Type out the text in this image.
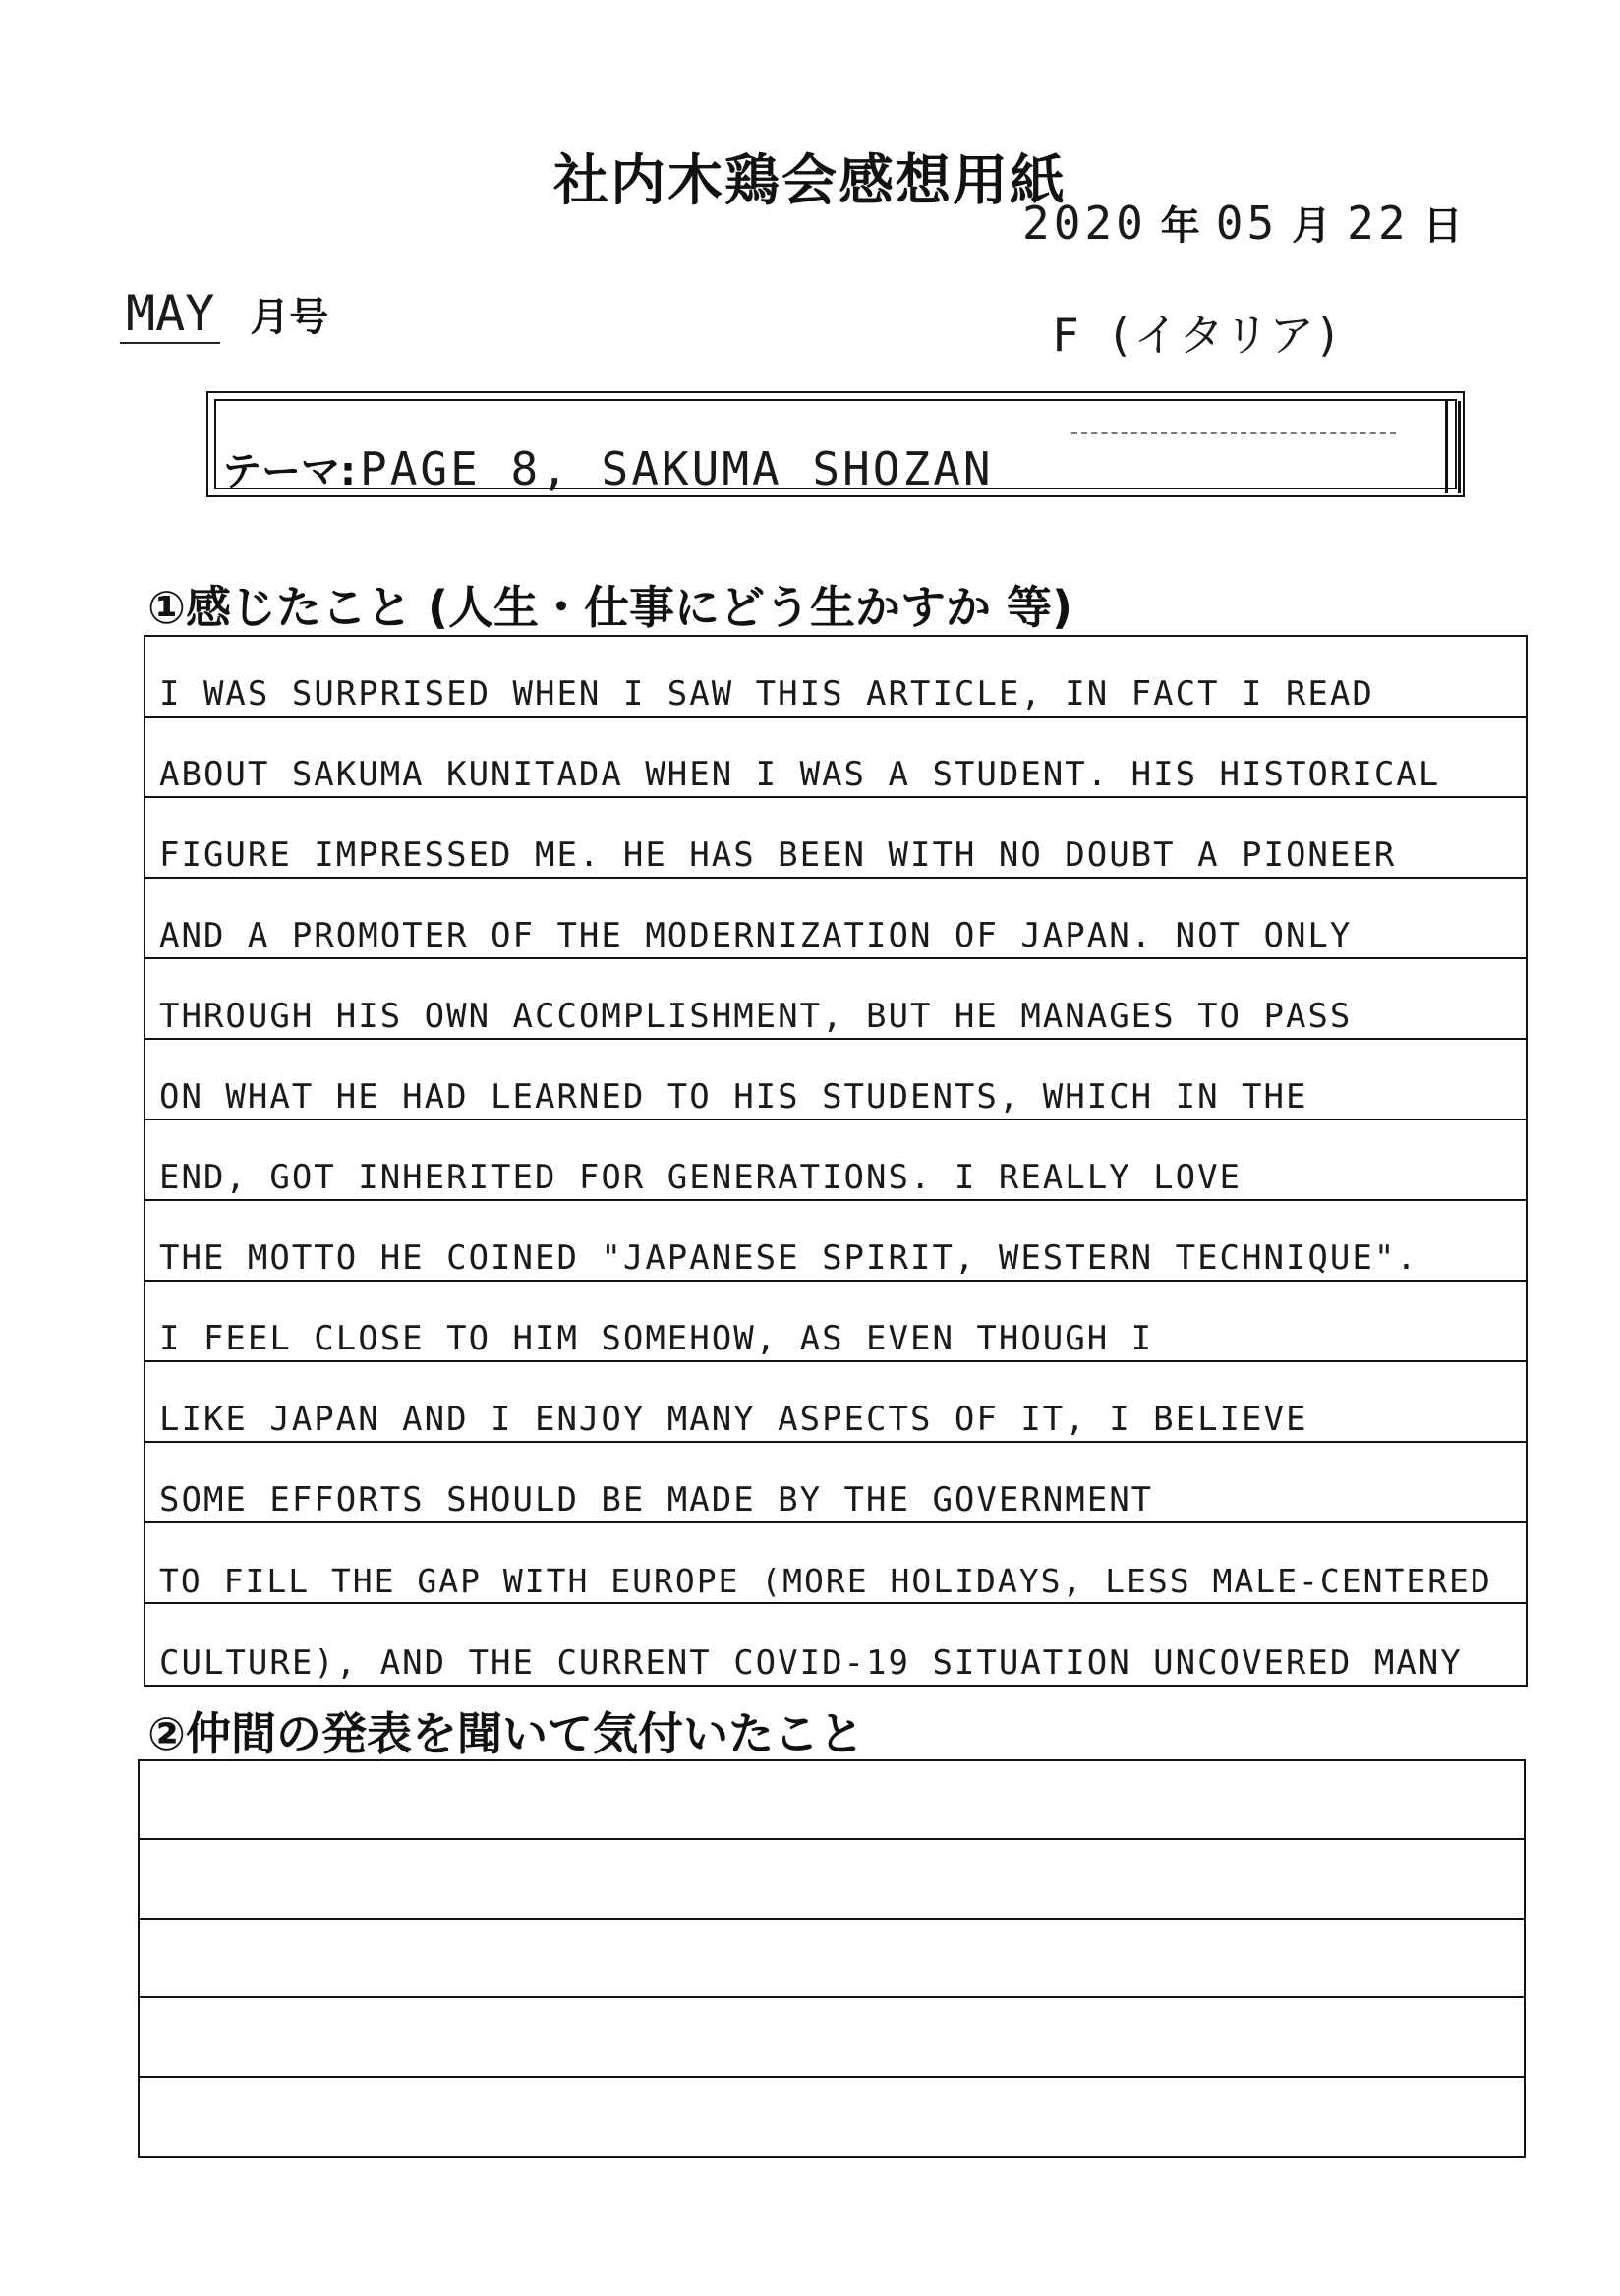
社内木鶏会感想用紙
2020 年 05 月 22 日
MAY 月号	F (イタリア)
テーマ:PAGE 8, SAKUMA SHOZAN
①感じたこと (人生・仕事にどう生かすか 等)
I WAS SURPRISED WHEN I SAW THIS ARTICLE, IN FACT I READ
ABOUT SAKUMA KUNITADA WHEN I WAS A STUDENT. HIS HISTORICAL
FIGURE IMPRESSED ME. HE HAS BEEN WITH NO DOUBT A PIONEER
AND A PROMOTER OF THE MODERNIZATION OF JAPAN. NOT ONLY
THROUGH HIS OWN ACCOMPLISHMENT, BUT HE MANAGES TO PASS
ON WHAT HE HAD LEARNED TO HIS STUDENTS, WHICH IN THE
END, GOT INHERITED FOR GENERATIONS. I REALLY LOVE
THE MOTTO HE COINED "JAPANESE SPIRIT, WESTERN TECHNIQUE".
I FEEL CLOSE TO HIM SOMEHOW, AS EVEN THOUGH I
LIKE JAPAN AND I ENJOY MANY ASPECTS OF IT, I BELIEVE
SOME EFFORTS SHOULD BE MADE BY THE GOVERNMENT
TO FILL THE GAP WITH EUROPE (MORE HOLIDAYS, LESS MALE-CENTERED
CULTURE), AND THE CURRENT COVID-19 SITUATION UNCOVERED MANY
②仲間の発表を聞いて気付いたこと
